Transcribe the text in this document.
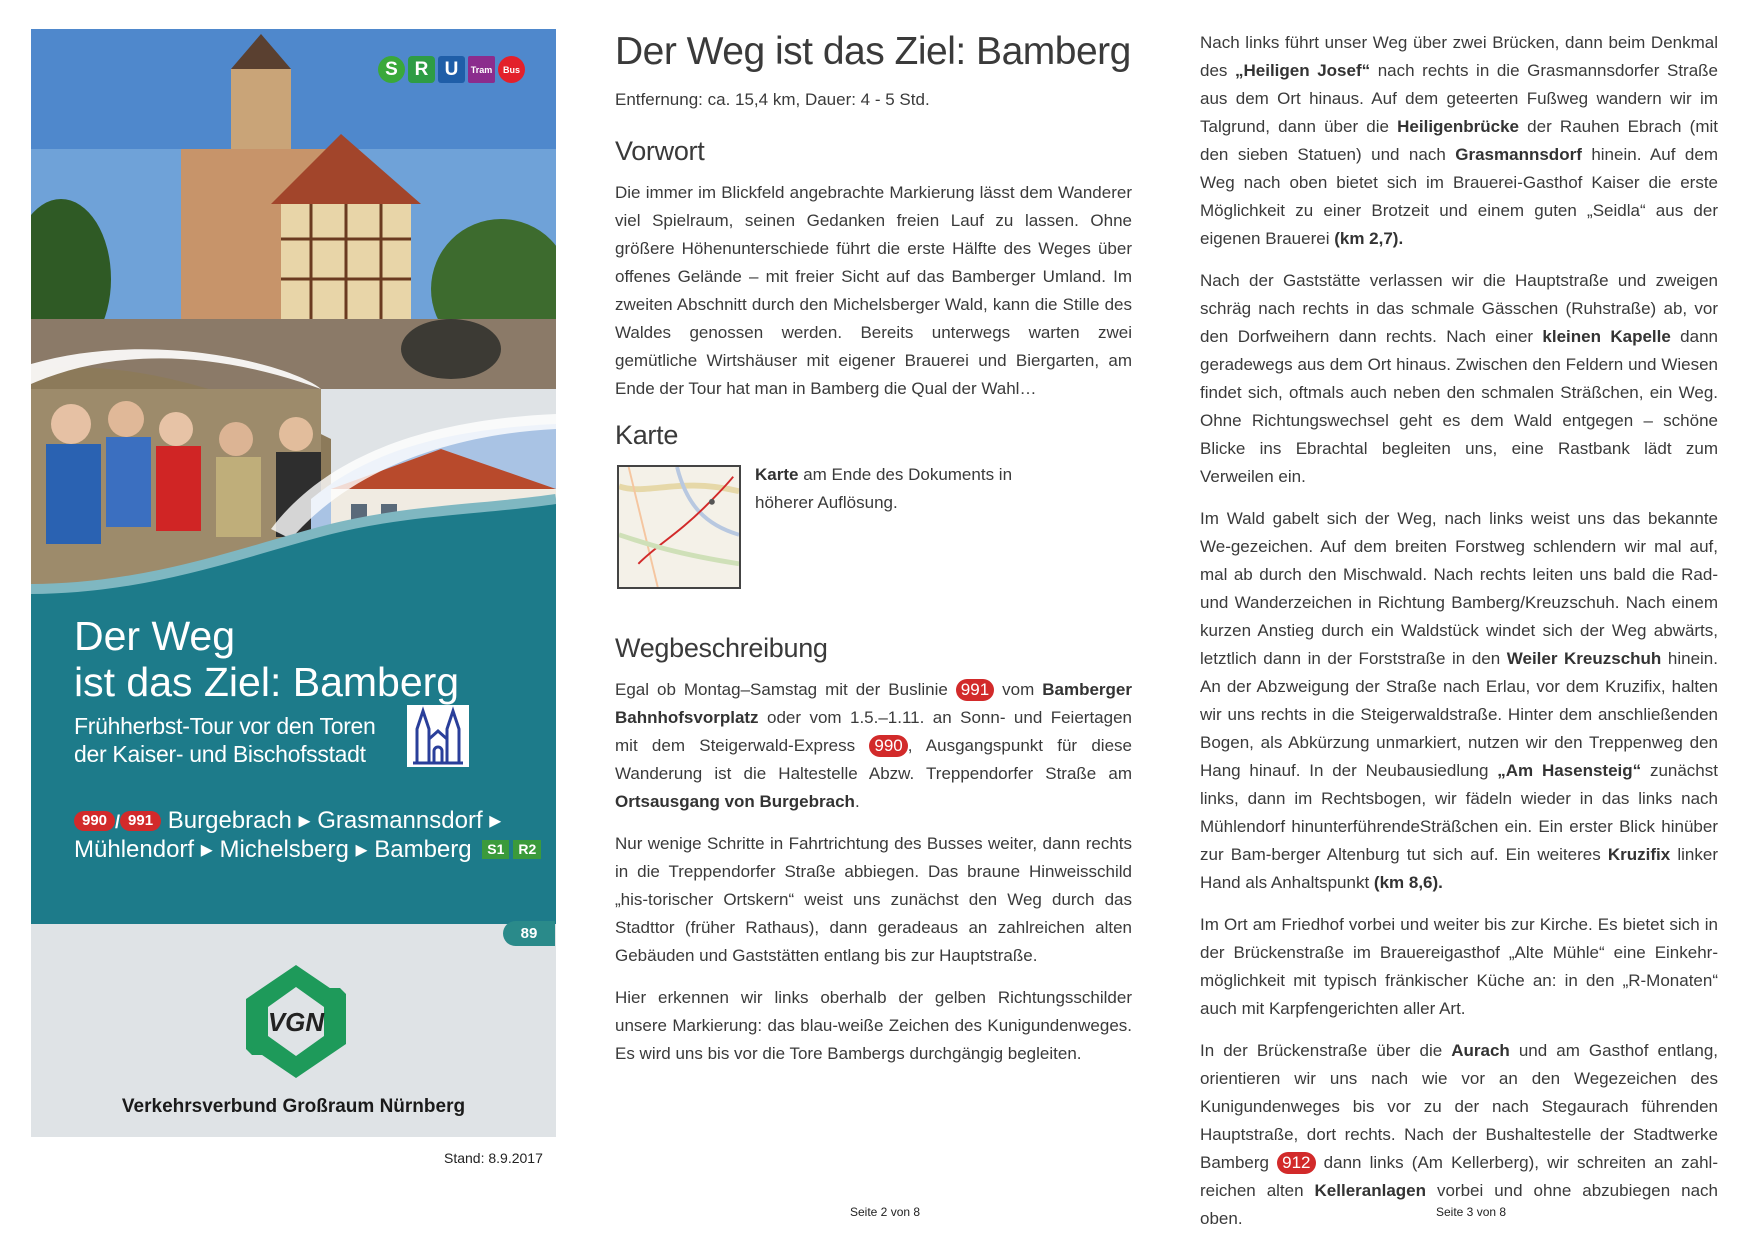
S R U	Tram	Bus
Der Weg
ist das Ziel: Bamberg
Frühherbst-Tour vor den Toren
der Kaiser- und Bischofsstadt
990 / 991 Burgebrach ▸ Grasmannsdorf ▸
Mühlendorf ▸ Michelsberg ▸ Bamberg S1 R2
89
VGN
Verkehrsverbund Großraum Nürnberg
Stand: 8.9.2017
Der Weg ist das Ziel: Bamberg
Entfernung: ca. 15,4 km, Dauer: 4 - 5 Std.
Vorwort

Die immer im Blickfeld angebrachte Markierung lässt dem Wanderer viel Spielraum, seinen Gedanken freien Lauf zu lassen. Ohne größere Höhenunterschiede führt die erste Hälfte des Weges über offenes Gelände – mit freier Sicht auf das Bamberger Umland. Im zweiten Abschnitt durch den Michelsberger Wald, kann die Stille des Waldes genossen werden. Bereits unterwegs warten zwei gemütliche Wirtshäuser mit eigener Brauerei und Biergarten, am Ende der Tour hat man in Bamberg die Qual der Wahl…

Karte
Karte am Ende des Dokuments in höherer Auflösung.
Wegbeschreibung

Egal ob Montag–Samstag mit der Buslinie 991 vom Bamberger Bahnhofsvorplatz oder vom 1.5.–1.11. an Sonn- und Feiertagen mit dem Steigerwald-Express 990 , Ausgangspunkt für diese Wanderung ist die Haltestelle Abzw. Treppendorfer Straße am Ortsausgang von Burgebrach.

Nur wenige Schritte in Fahrtrichtung des Busses weiter, dann rechts in die Treppendorfer Straße abbiegen. Das braune Hinweisschild „his-torischer Ortskern“ weist uns zunächst den Weg durch das Stadttor (früher Rathaus), dann geradeaus an zahlreichen alten Gebäuden und Gaststätten entlang bis zur Hauptstraße.

Hier erkennen wir links oberhalb der gelben Richtungsschilder unsere Markierung: das blau-weiße Zeichen des Kunigundenweges. Es wird uns bis vor die Tore Bambergs durchgängig begleiten.

Seite 2 von 8

Nach links führt unser Weg über zwei Brücken, dann beim Denkmal des „Heiligen Josef“ nach rechts in die Grasmannsdorfer Straße aus dem Ort hinaus. Auf dem geteerten Fußweg wandern wir im Talgrund, dann über die Heiligenbrücke der Rauhen Ebrach (mit den sieben Statuen) und nach Grasmannsdorf hinein. Auf dem Weg nach oben bietet sich im Brauerei-Gasthof Kaiser die erste Möglichkeit zu einer Brotzeit und einem guten „Seidla“ aus der eigenen Brauerei (km 2,7).

Nach der Gaststätte verlassen wir die Hauptstraße und zweigen schräg nach rechts in das schmale Gässchen (Ruhstraße) ab, vor den Dorfweihern dann rechts. Nach einer kleinen Kapelle dann geradewegs aus dem Ort hinaus. Zwischen den Feldern und Wiesen findet sich, oftmals auch neben den schmalen Sträßchen, ein Weg. Ohne Richtungswechsel geht es dem Wald entgegen – schöne Blicke ins Ebrachtal begleiten uns, eine Rastbank lädt zum Verweilen ein.

Im Wald gabelt sich der Weg, nach links weist uns das bekannte We-gezeichen. Auf dem breiten Forstweg schlendern wir mal auf, mal ab durch den Mischwald. Nach rechts leiten uns bald die Rad- und Wanderzeichen in Richtung Bamberg/Kreuzschuh. Nach einem kurzen Anstieg durch ein Waldstück windet sich der Weg abwärts, letztlich dann in der Forststraße in den Weiler Kreuzschuh hinein. An der Abzweigung der Straße nach Erlau, vor dem Kruzifix, halten wir uns rechts in die Steigerwaldstraße. Hinter dem anschließenden Bogen, als Abkürzung unmarkiert, nutzen wir den Treppenweg den Hang hinauf. In der Neubausiedlung „Am Hasensteig“ zunächst links, dann im Rechtsbogen, wir fädeln wieder in das links nach Mühlendorf hinunterführendeSträßchen ein. Ein erster Blick hinüber zur Bam-berger Altenburg tut sich auf. Ein weiteres Kruzifix linker Hand als Anhaltspunkt (km 8,6).

Im Ort am Friedhof vorbei und weiter bis zur Kirche. Es bietet sich in der Brückenstraße im Brauereigasthof „Alte Mühle“ eine Einkehr-möglichkeit mit typisch fränkischer Küche an: in den „R-Monaten“ auch mit Karpfengerichten aller Art.

In der Brückenstraße über die Aurach und am Gasthof entlang, orientieren wir uns nach wie vor an den Wegezeichen des Kunigundenweges bis vor zu der nach Stegaurach führenden Hauptstraße, dort rechts. Nach der Bushaltestelle der Stadtwerke Bamberg 912 dann links (Am Kellerberg), wir schreiten an zahl-reichen alten Kelleranlagen vorbei und ohne abzubiegen nach oben.	Seite 3 von 8
